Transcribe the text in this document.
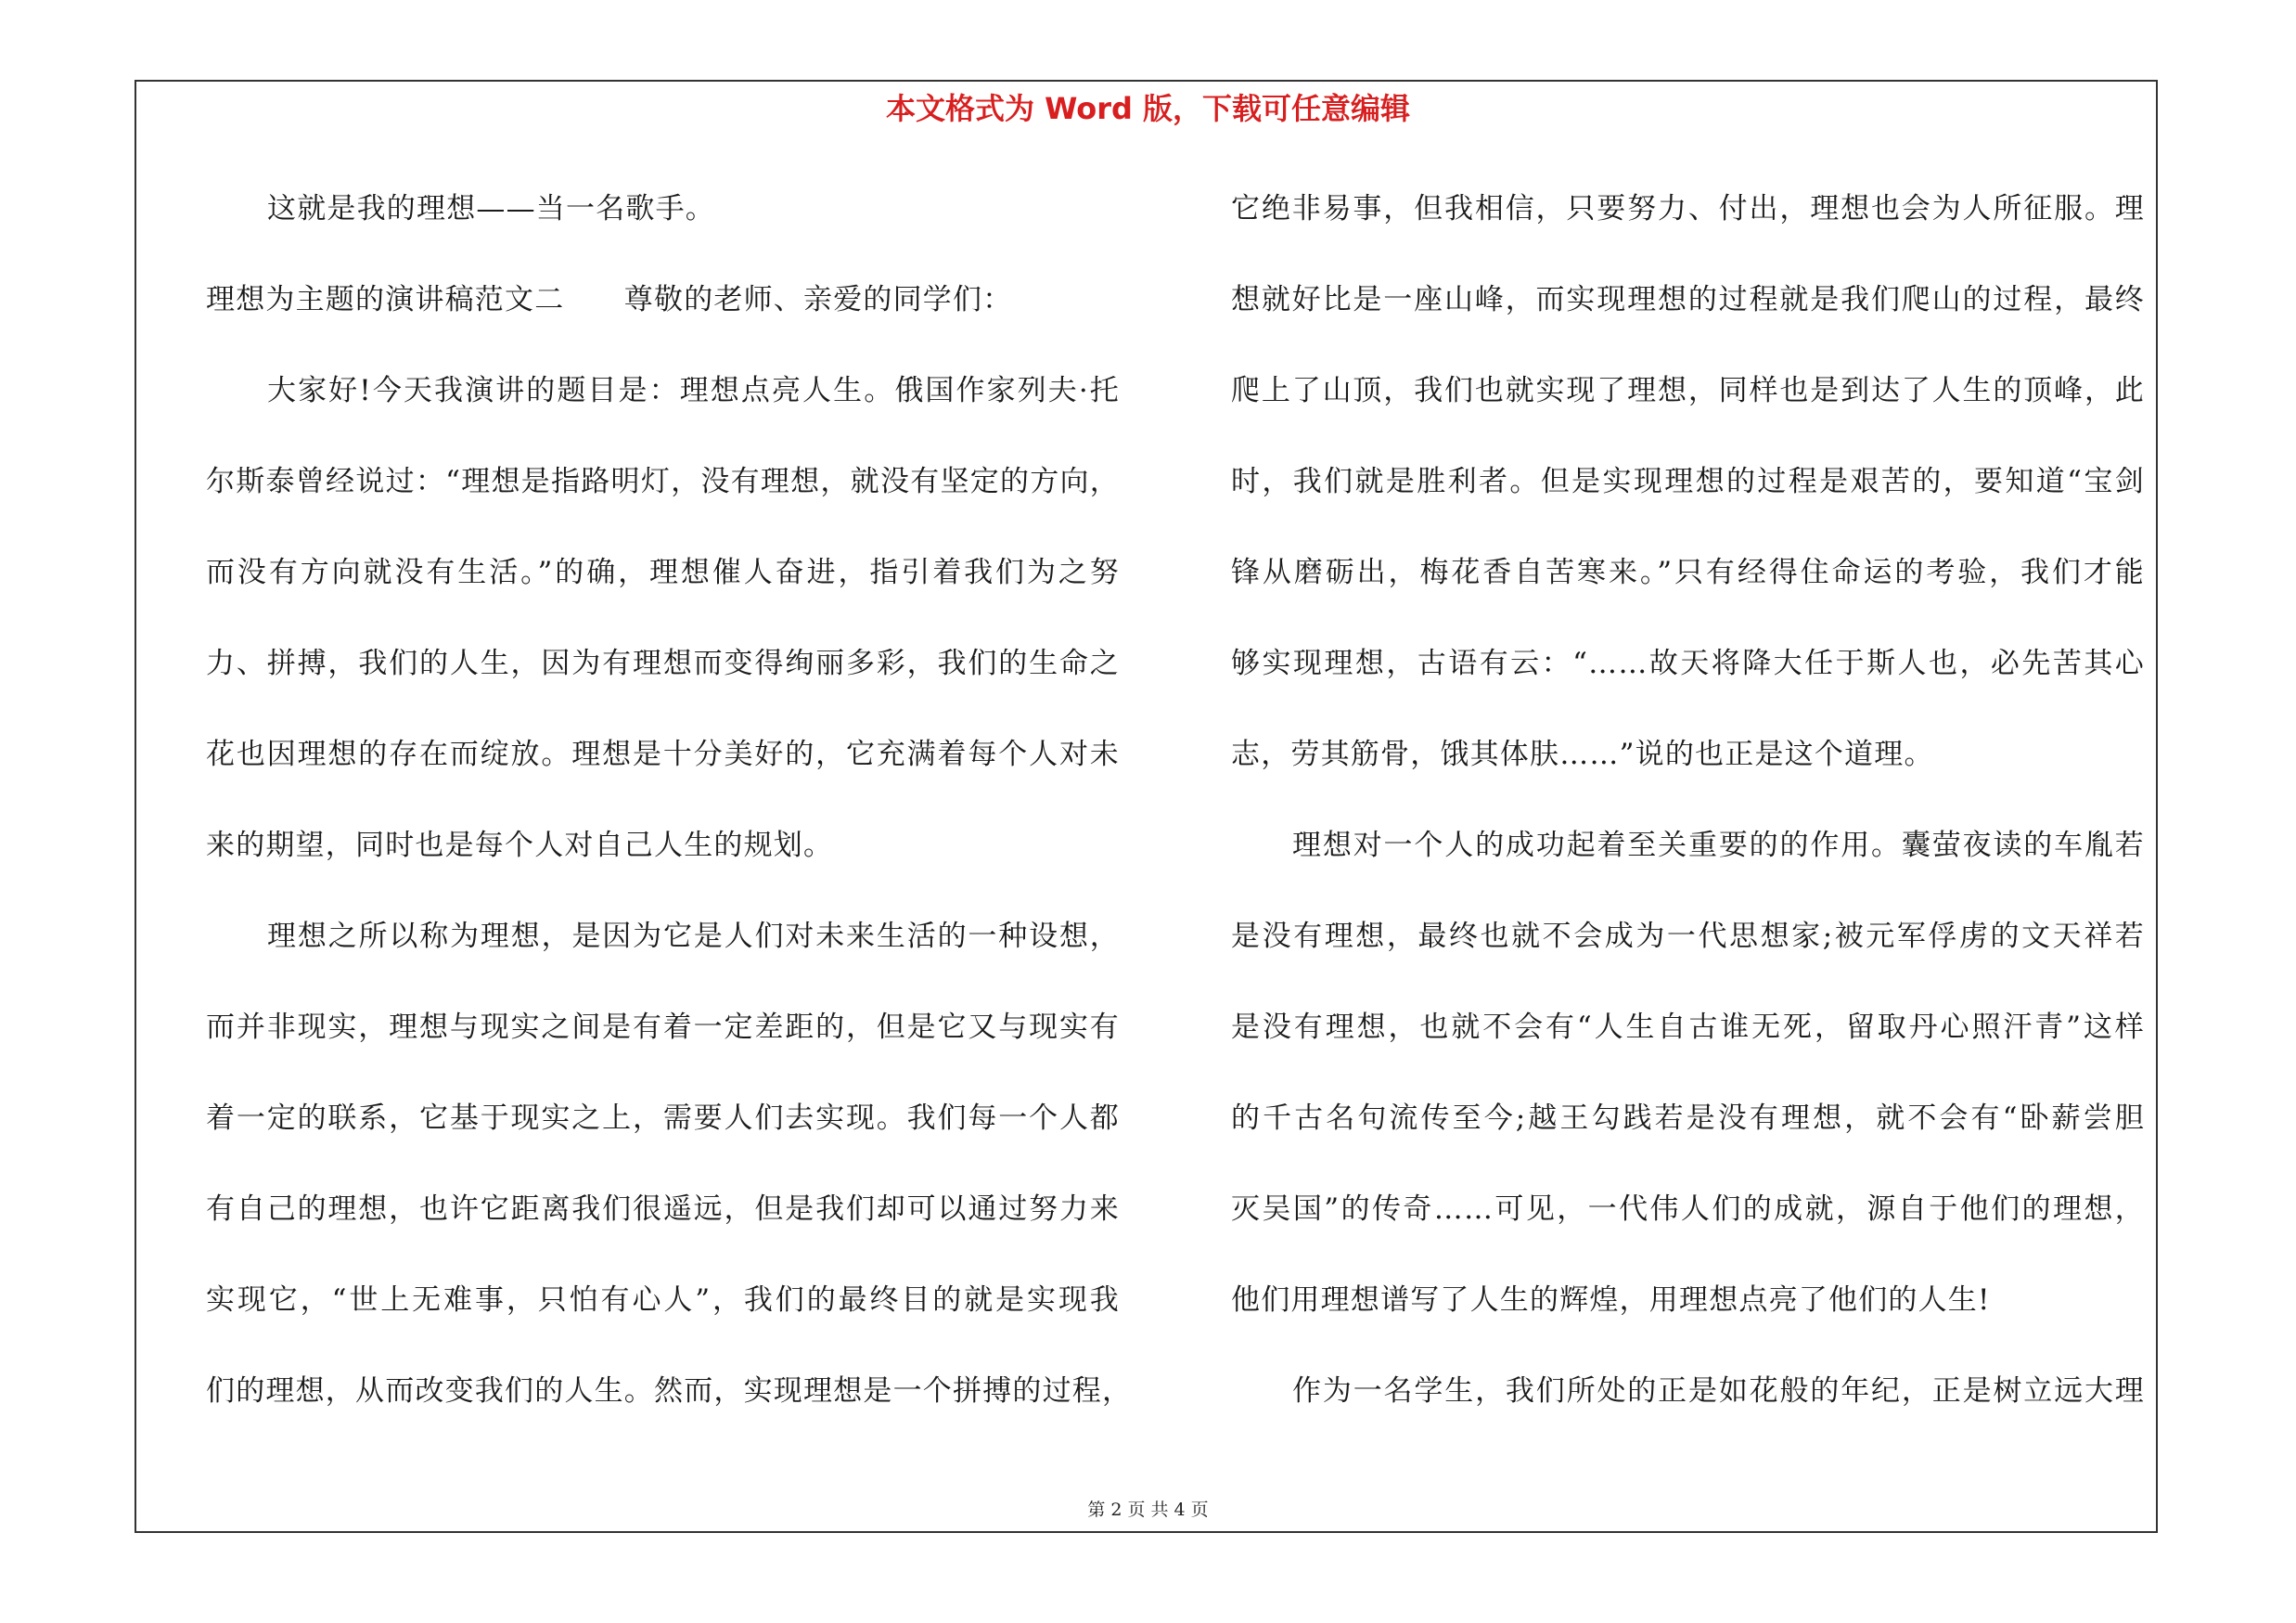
本文格式为 Word 版，下载可任意编辑
这就是我的理想——当一名歌手。
理想为主题的演讲稿范文二　　尊敬的老师、亲爱的同学们：
大家好!今天我演讲的题目是：理想点亮人生。俄国作家列夫·托
尔斯泰曾经说过：“理想是指路明灯，没有理想，就没有坚定的方向，
而没有方向就没有生活。”的确，理想催人奋进，指引着我们为之努
力、拼搏，我们的人生，因为有理想而变得绚丽多彩，我们的生命之
花也因理想的存在而绽放。理想是十分美好的，它充满着每个人对未
来的期望，同时也是每个人对自己人生的规划。
理想之所以称为理想，是因为它是人们对未来生活的一种设想，
而并非现实，理想与现实之间是有着一定差距的，但是它又与现实有
着一定的联系，它基于现实之上，需要人们去实现。我们每一个人都
有自己的理想，也许它距离我们很遥远，但是我们却可以通过努力来
实现它，“世上无难事，只怕有心人”，我们的最终目的就是实现我
们的理想，从而改变我们的人生。然而，实现理想是一个拼搏的过程，
它绝非易事，但我相信，只要努力、付出，理想也会为人所征服。理
想就好比是一座山峰，而实现理想的过程就是我们爬山的过程，最终
爬上了山顶，我们也就实现了理想，同样也是到达了人生的顶峰，此
时，我们就是胜利者。但是实现理想的过程是艰苦的，要知道“宝剑
锋从磨砺出，梅花香自苦寒来。”只有经得住命运的考验，我们才能
够实现理想，古语有云：“……故天将降大任于斯人也，必先苦其心
志，劳其筋骨，饿其体肤……”说的也正是这个道理。
理想对一个人的成功起着至关重要的的作用。囊萤夜读的车胤若
是没有理想，最终也就不会成为一代思想家;被元军俘虏的文天祥若
是没有理想，也就不会有“人生自古谁无死，留取丹心照汗青”这样
的千古名句流传至今;越王勾践若是没有理想，就不会有“卧薪尝胆
灭吴国”的传奇……可见，一代伟人们的成就，源自于他们的理想，
他们用理想谱写了人生的辉煌，用理想点亮了他们的人生!
作为一名学生，我们所处的正是如花般的年纪，正是树立远大理
第 2 页 共 4 页
